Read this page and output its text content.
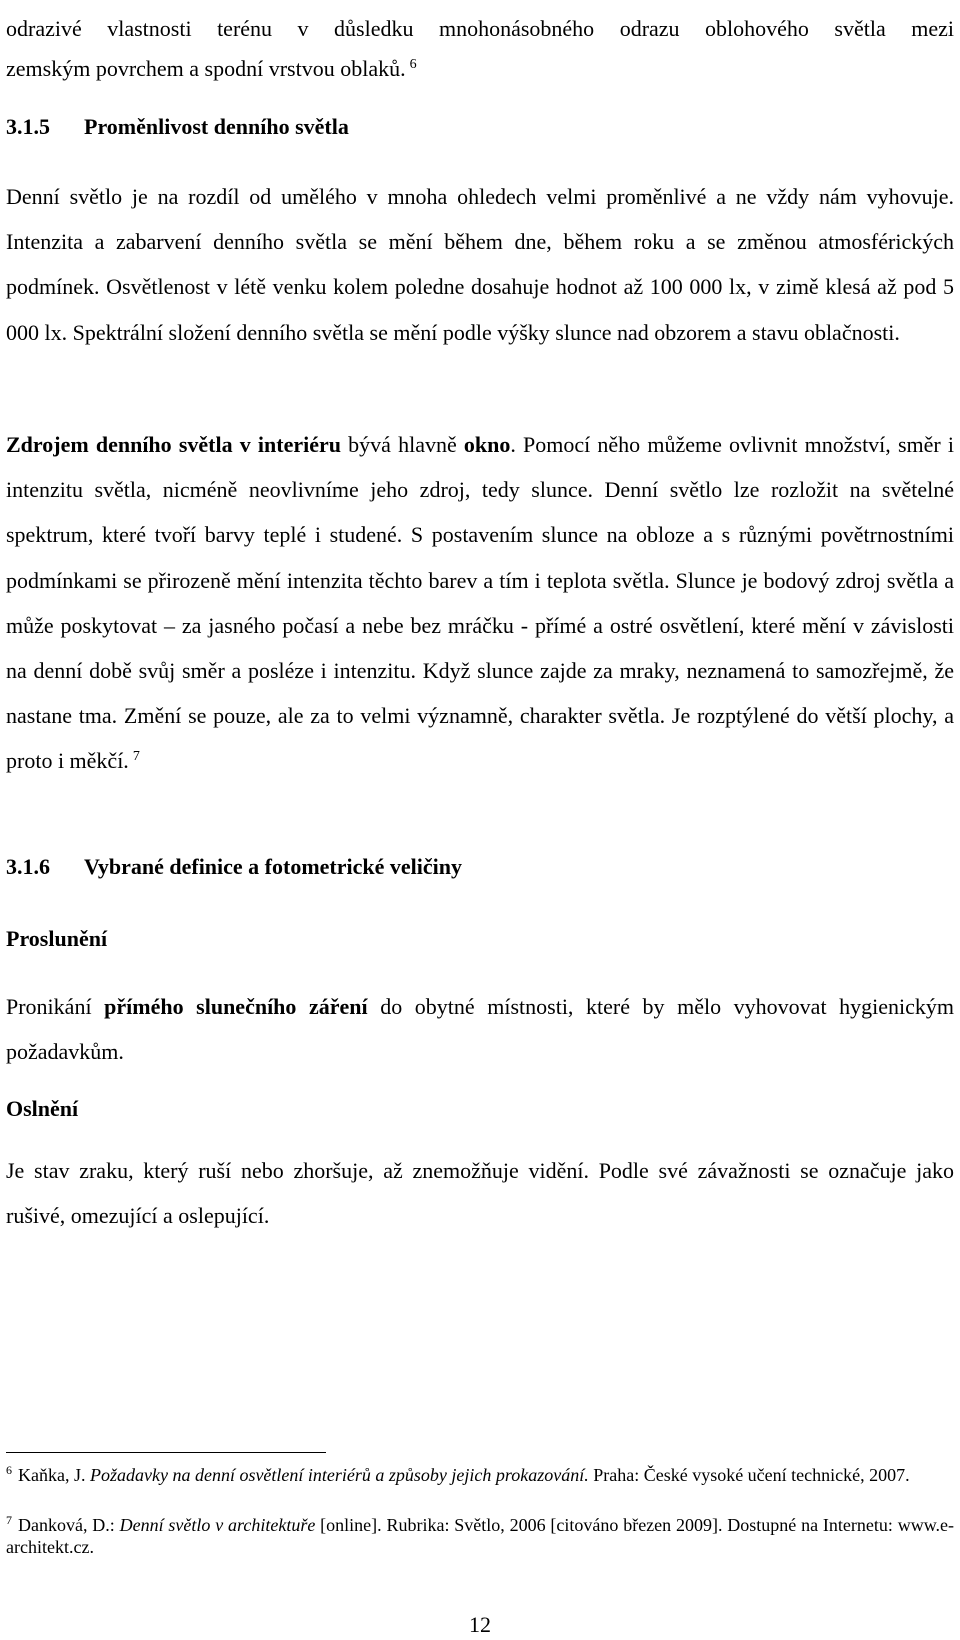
odrazivé vlastnosti terénu v důsledku mnohonásobného odrazu oblohového světla mezi

zemským povrchem a spodní vrstvou oblaků. $^6$

3.1.5 Proměnlivost denního světla

Denní světlo je na rozdíl od umělého v mnoha ohledech velmi proměnlivé a ne vždy nám vyhovuje. Intenzita a zabarvení denního světla se mění během dne, během roku a se změnou atmosférických podmínek. Osvětlenost v létě venku kolem poledne dosahuje hodnot až 100 000 lx, v zimě klesá až pod 5 000 lx. Spektrální složení denního světla se mění podle výšky slunce nad obzorem a stavu oblačnosti.

Zdrojem denního světla v interiéru bývá hlavně okno. Pomocí něho můžeme ovlivnit množství, směr i intenzitu světla, nicméně neovlivníme jeho zdroj, tedy slunce. Denní světlo lze rozložit na světelné spektrum, které tvoří barvy teplé i studené. S postavením slunce na obloze a s různými povětrnostními podmínkami se přirozeně mění intenzita těchto barev a tím i teplota světla. Slunce je bodový zdroj světla a může poskytovat – za jasného počasí a nebe bez mráčku - přímé a ostré osvětlení, které mění v závislosti na denní době svůj směr a posléze i intenzitu. Když slunce zajde za mraky, neznamená to samozřejmě, že nastane tma. Změní se pouze, ale za to velmi významně, charakter světla. Je rozptýlené do větší plochy, a proto i měkčí. $^7$

3.1.6 Vybrané definice a fotometrické veličiny

Proslunění

Pronikání přímého slunečního záření do obytné místnosti, které by mělo vyhovovat hygienickým požadavkům.

Oslnění

Je stav zraku, který ruší nebo zhoršuje, až znemožňuje vidění. Podle své závažnosti se označuje jako rušivé, omezující a oslepující.

$^6$ Kaňka, J. Požadavky na denní osvětlení interiérů a způsoby jejich prokazování. Praha: České vysoké učení technické, 2007.

$^7$ Danková, D.: Denní světlo v architektuře [online]. Rubrika: Světlo, 2006 [citováno březen 2009]. Dostupné na Internetu: www.e-architekt.cz.

12
